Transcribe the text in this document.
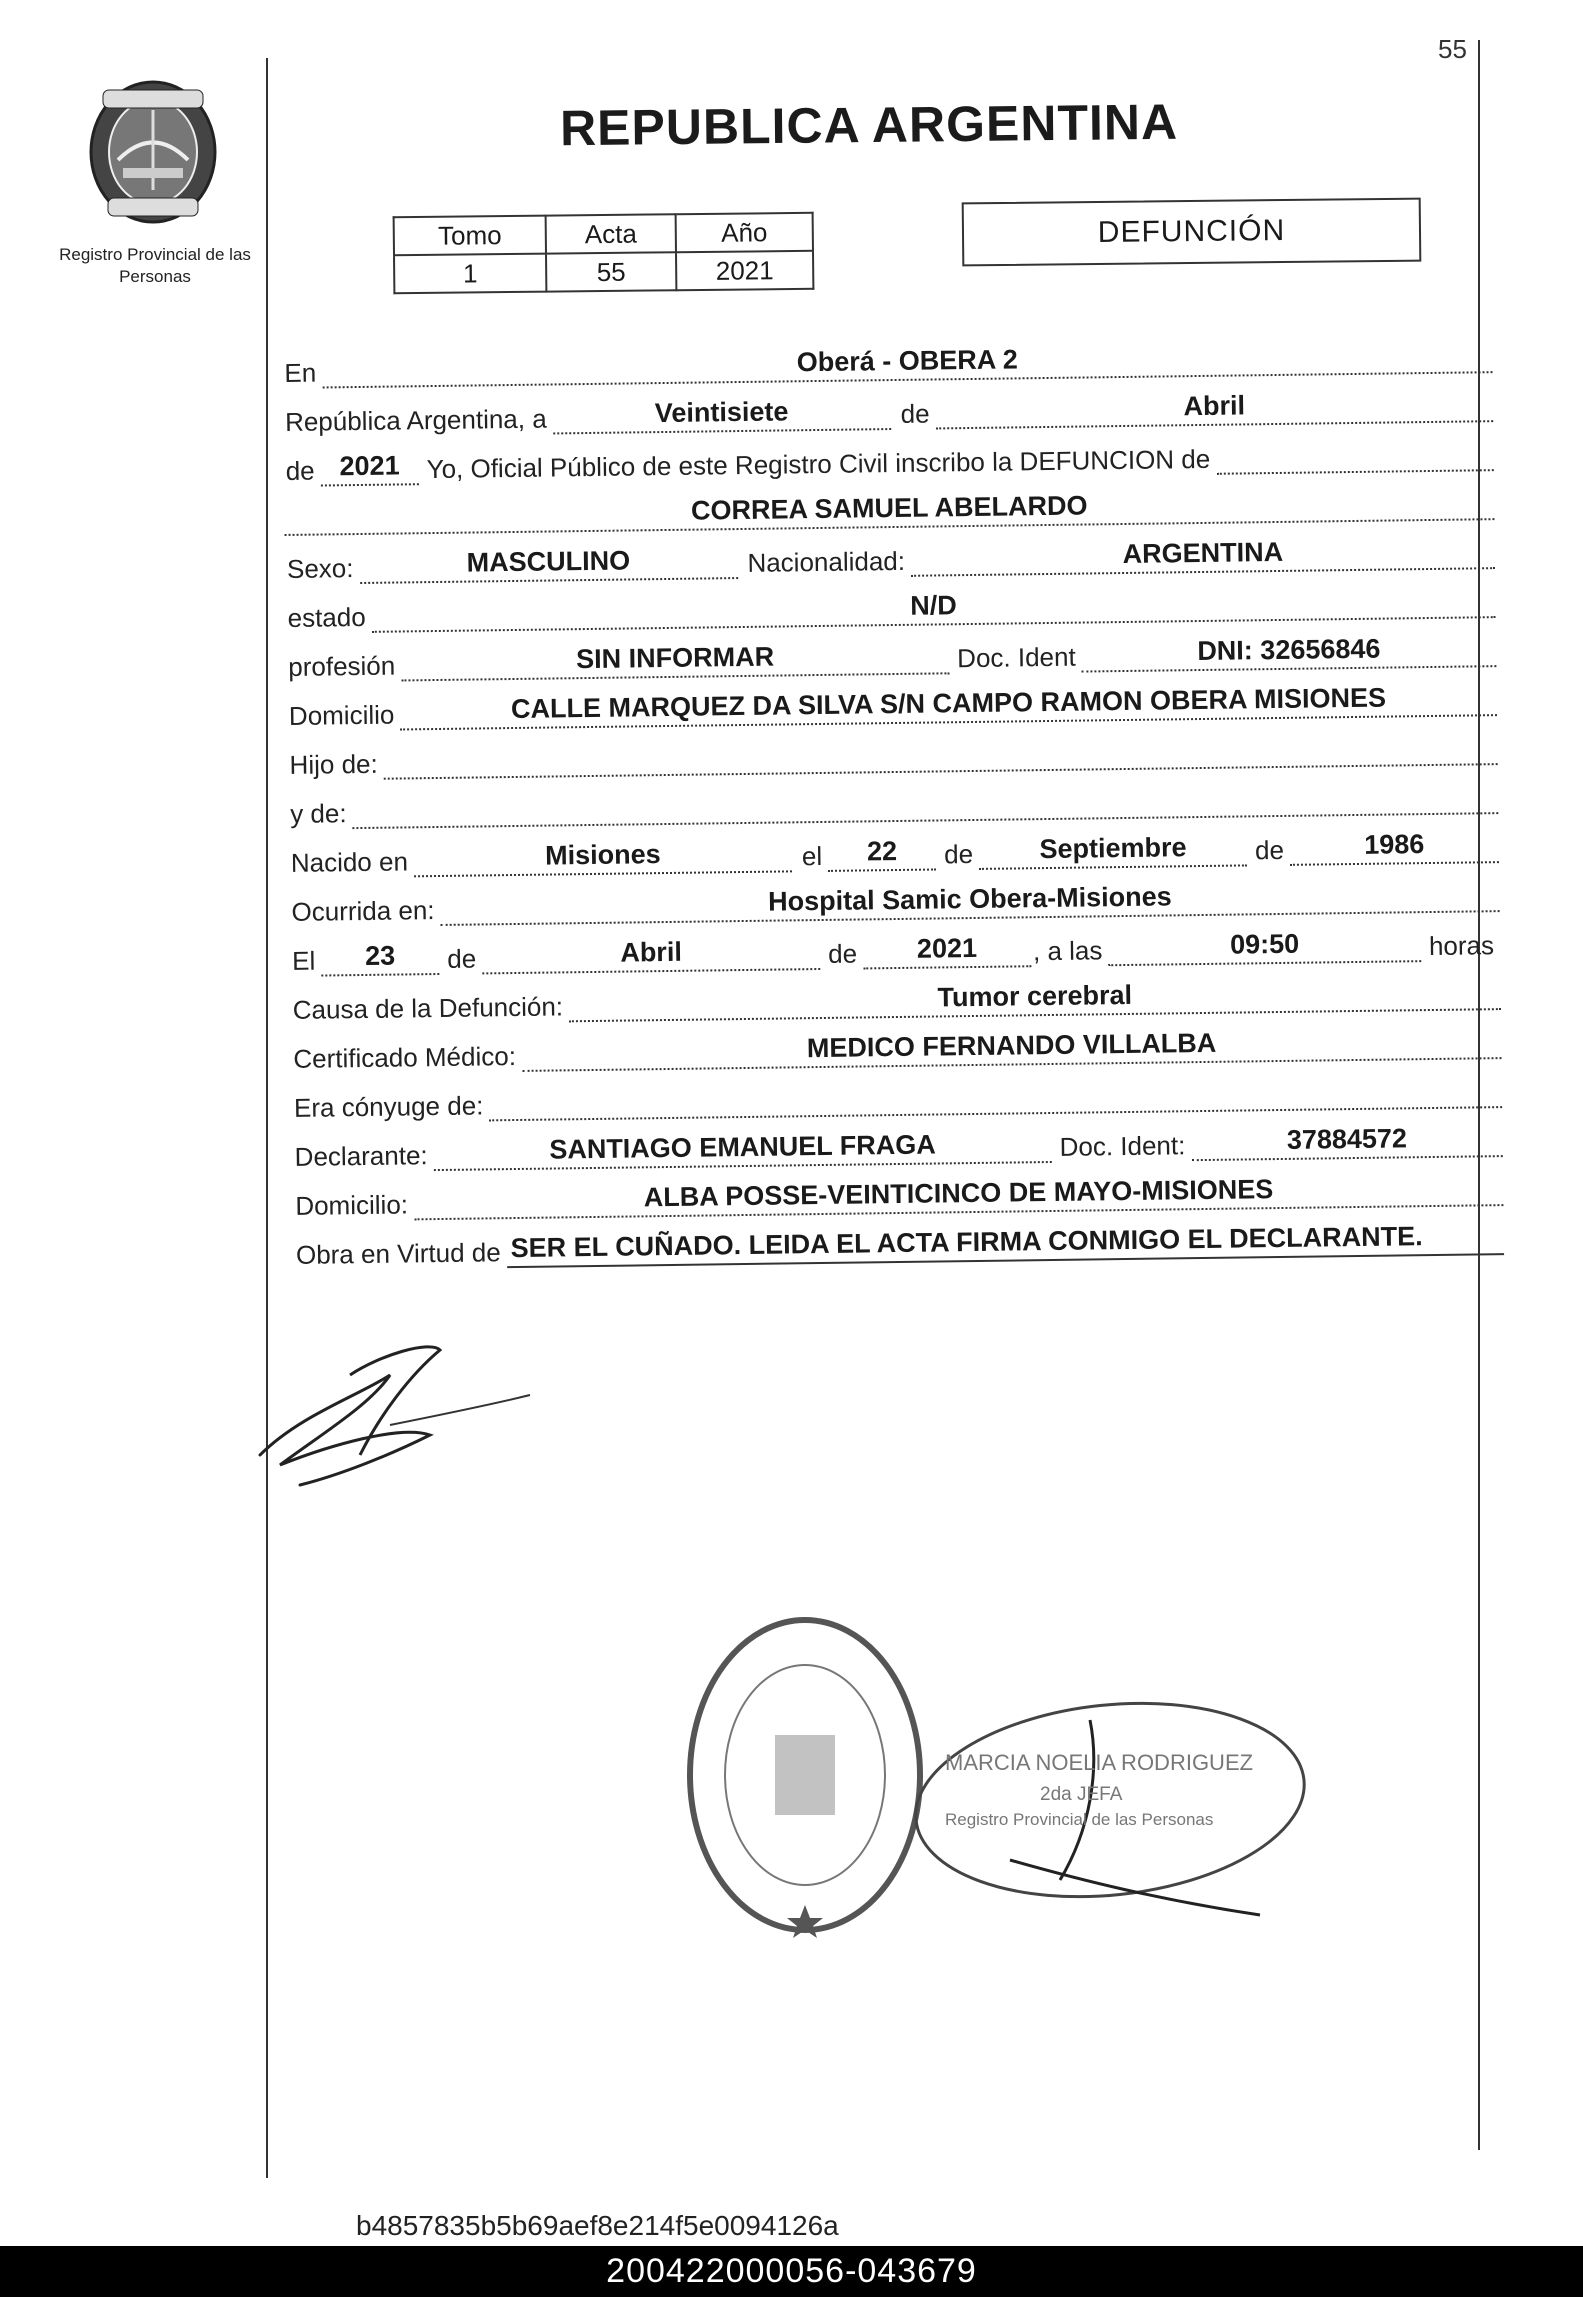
55
Registro Provincial de las Personas
REPUBLICA ARGENTINA
Tomo	Acta	Año
1	55	2021
DEFUNCIÓN
En	Oberá - OBERA 2
República Argentina, a	Veintisiete	de	Abril
de 2021	Yo, Oficial Público de este Registro Civil inscribo la DEFUNCION de
CORREA SAMUEL ABELARDO
Sexo:	MASCULINO	Nacionalidad:	ARGENTINA
estado	N/D
profesión	SIN INFORMAR	Doc. Ident	DNI: 32656846
Domicilio	CALLE MARQUEZ DA SILVA S/N CAMPO RAMON OBERA MISIONES
Hijo de:
y de:
Nacido en	Misiones	el	22	de	Septiembre	de	1986
Ocurrida en:	Hospital Samic Obera-Misiones
El	23	de	Abril	de	2021	, a las	09:50	horas
Causa de la Defunción:	Tumor cerebral
Certificado Médico:	MEDICO FERNANDO VILLALBA
Era cónyuge de:
Declarante:	SANTIAGO EMANUEL FRAGA	Doc. Ident:	37884572
Domicilio:	ALBA POSSE-VEINTICINCO DE MAYO-MISIONES
Obra en Virtud de SER EL CUÑADO. LEIDA EL ACTA FIRMA CONMIGO EL DECLARANTE.
MARCIA NOELIA RODRIGUEZ
2da JEFA
Registro Provincial de las Personas
b4857835b5b69aef8e214f5e0094126a
200422000056-043679
